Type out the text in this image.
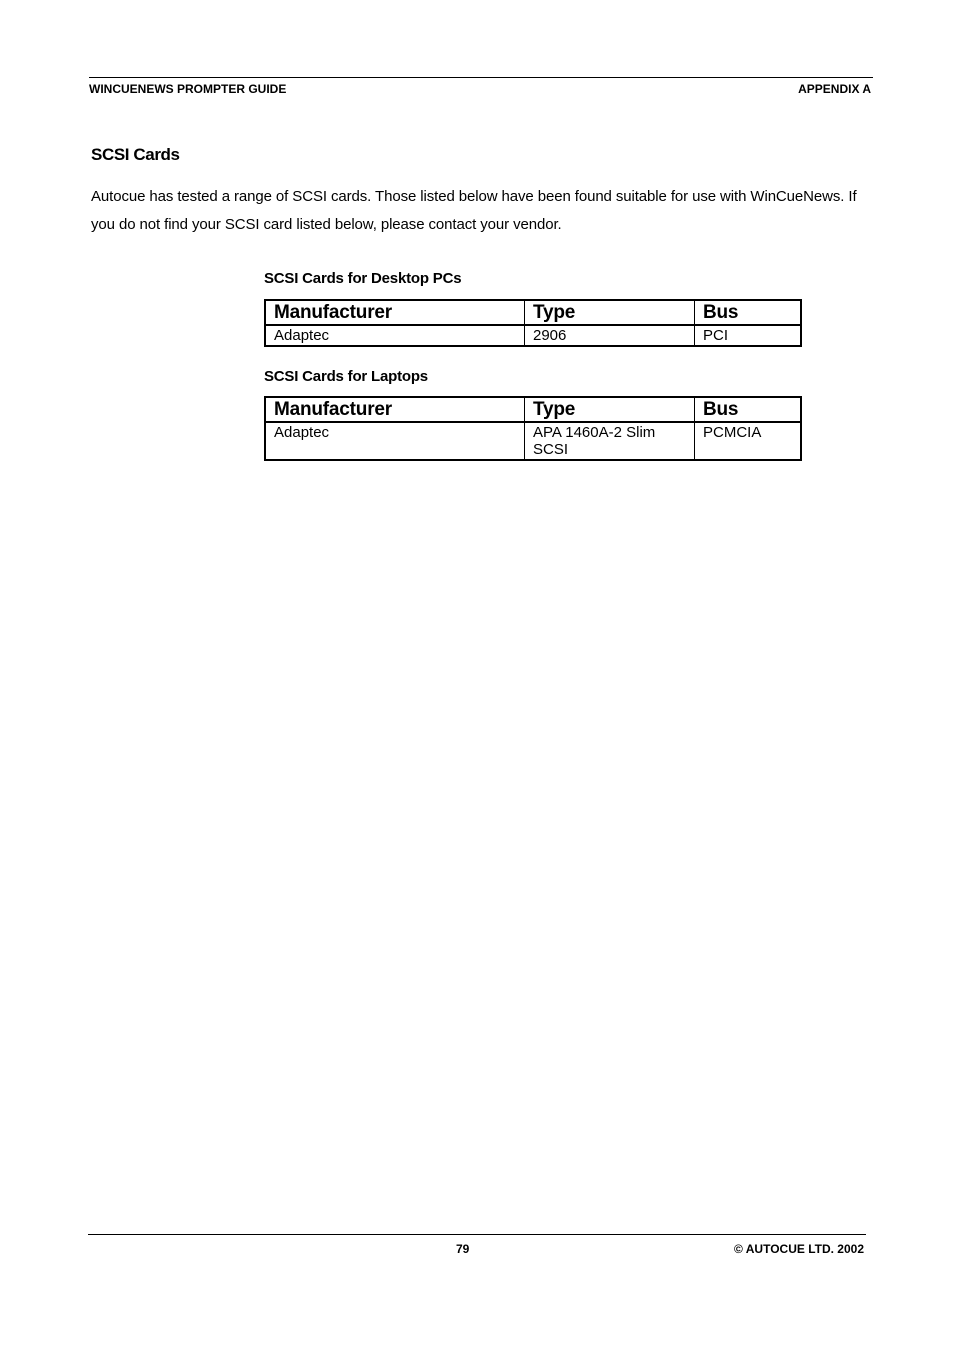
WINCUENEWS PROMPTER GUIDE	APPENDIX A
SCSI Cards

Autocue has tested a range of SCSI cards. Those listed below have been found suitable for use with WinCueNews. If you do not find your SCSI card listed below, please contact your vendor.

SCSI Cards for Desktop PCs

Manufacturer	Type	Bus
Adaptec	2906	PCI

SCSI Cards for Laptops

Manufacturer	Type	Bus
Adaptec	APA 1460A-2 Slim SCSI	PCMCIA
79	© AUTOCUE LTD. 2002
